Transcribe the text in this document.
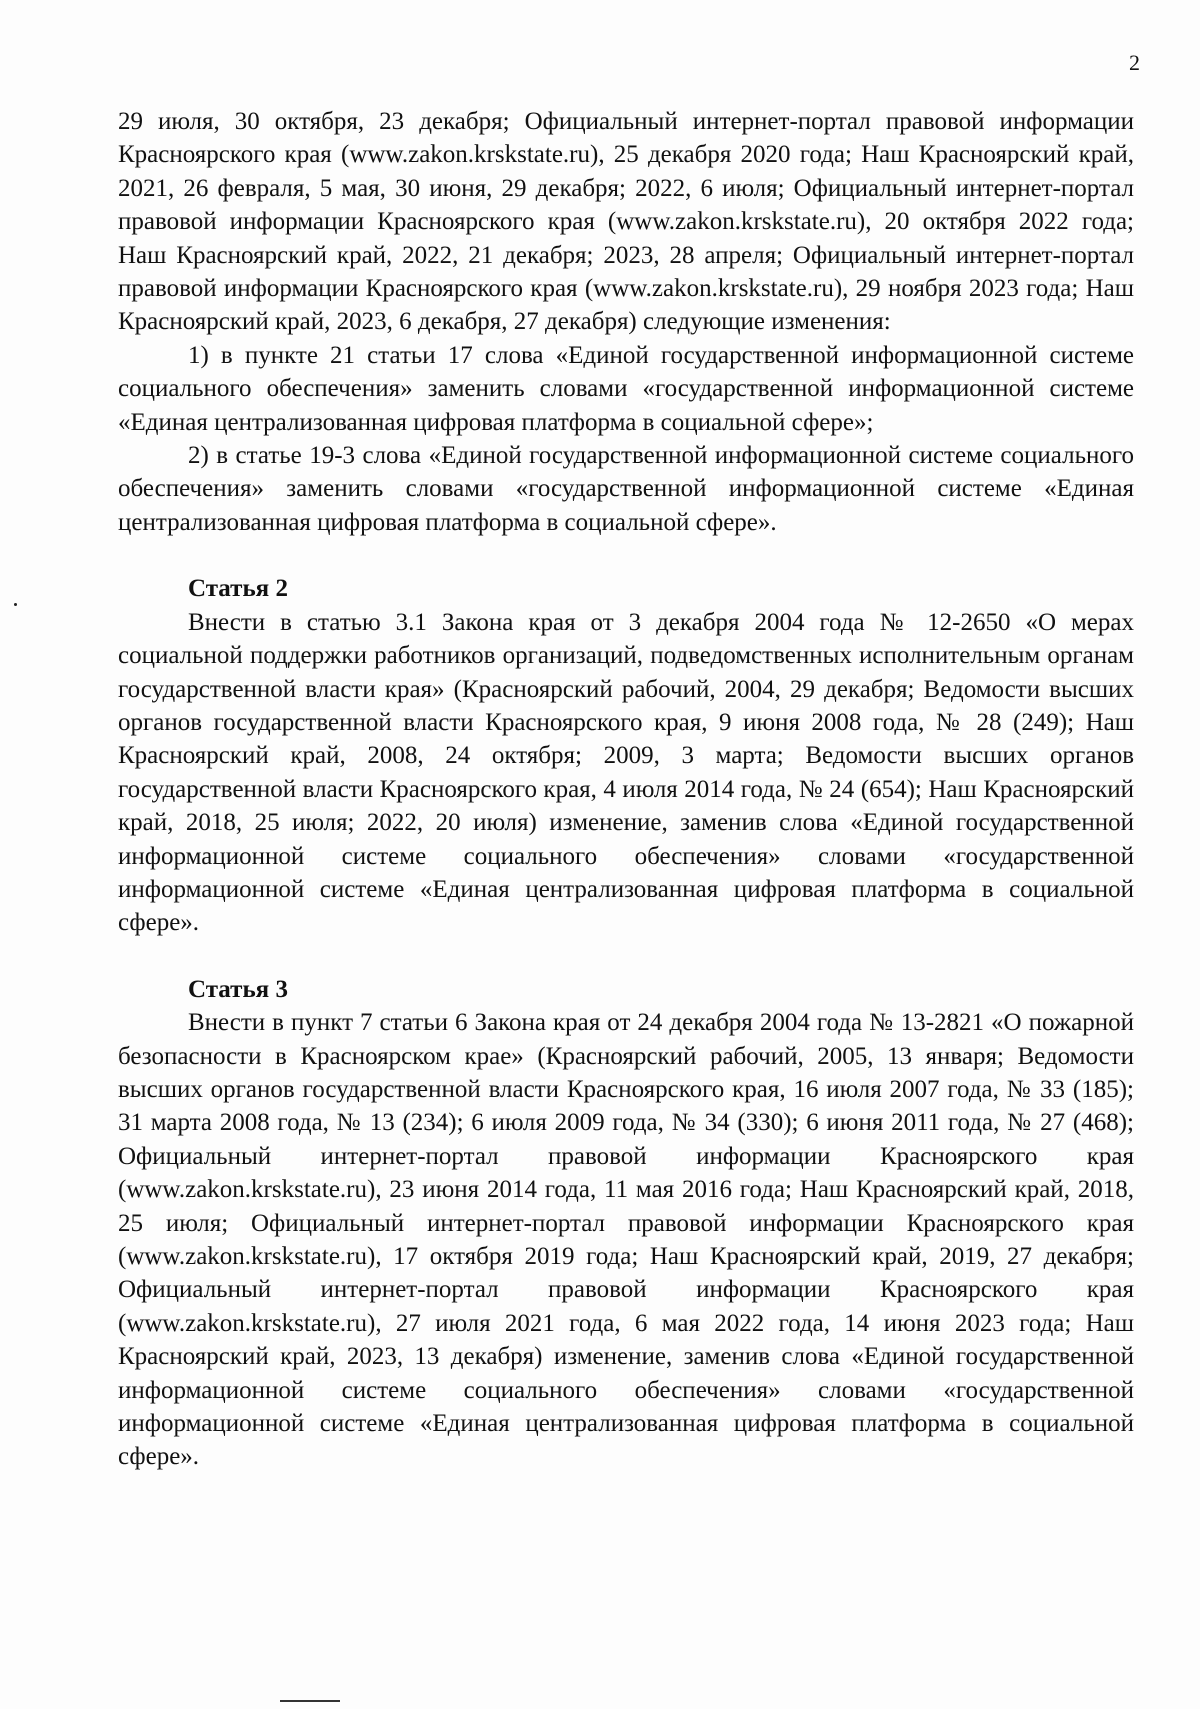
2

29 июля, 30 октября, 23 декабря; Официальный интернет-портал правовой информации Красноярского края (www.zakon.krskstate.ru), 25 декабря 2020 года; Наш Красноярский край, 2021, 26 февраля, 5 мая, 30 июня, 29 декабря; 2022, 6 июля; Официальный интернет-портал правовой информации Красноярского края (www.zakon.krskstate.ru), 20 октября 2022 года; Наш Красноярский край, 2022, 21 декабря; 2023, 28 апреля; Официальный интернет-портал правовой информации Красноярского края (www.zakon.krskstate.ru), 29 ноября 2023 года; Наш Красноярский край, 2023, 6 декабря, 27 декабря) следующие изменения:

1) в пункте 21 статьи 17 слова «Единой государственной информационной системе социального обеспечения» заменить словами «государственной информационной системе «Единая централизованная цифровая платформа в социальной сфере»;

2) в статье 19-3 слова «Единой государственной информационной системе социального обеспечения» заменить словами «государственной информационной системе «Единая централизованная цифровая платформа в социальной сфере».

Статья 2

Внести в статью 3.1 Закона края от 3 декабря 2004 года № 12-2650 «О мерах социальной поддержки работников организаций, подведомственных исполнительным органам государственной власти края» (Красноярский рабочий, 2004, 29 декабря; Ведомости высших органов государственной власти Красноярского края, 9 июня 2008 года, № 28 (249); Наш Красноярский край, 2008, 24 октября; 2009, 3 марта; Ведомости высших органов государственной власти Красноярского края, 4 июля 2014 года, № 24 (654); Наш Красноярский край, 2018, 25 июля; 2022, 20 июля) изменение, заменив слова «Единой государственной информационной системе социального обеспечения» словами «государственной информационной системе «Единая централизованная цифровая платформа в социальной сфере».

Статья 3

Внести в пункт 7 статьи 6 Закона края от 24 декабря 2004 года № 13-2821 «О пожарной безопасности в Красноярском крае» (Красноярский рабочий, 2005, 13 января; Ведомости высших органов государственной власти Красноярского края, 16 июля 2007 года, № 33 (185); 31 марта 2008 года, № 13 (234); 6 июля 2009 года, № 34 (330); 6 июня 2011 года, № 27 (468); Официальный интернет-портал правовой информации Красноярского края (www.zakon.krskstate.ru), 23 июня 2014 года, 11 мая 2016 года; Наш Красноярский край, 2018, 25 июля; Официальный интернет-портал правовой информации Красноярского края (www.zakon.krskstate.ru), 17 октября 2019 года; Наш Красноярский край, 2019, 27 декабря; Официальный интернет-портал правовой информации Красноярского края (www.zakon.krskstate.ru), 27 июля 2021 года, 6 мая 2022 года, 14 июня 2023 года; Наш Красноярский край, 2023, 13 декабря) изменение, заменив слова «Единой государственной информационной системе социального обеспечения» словами «государственной информационной системе «Единая централизованная цифровая платформа в социальной сфере».
